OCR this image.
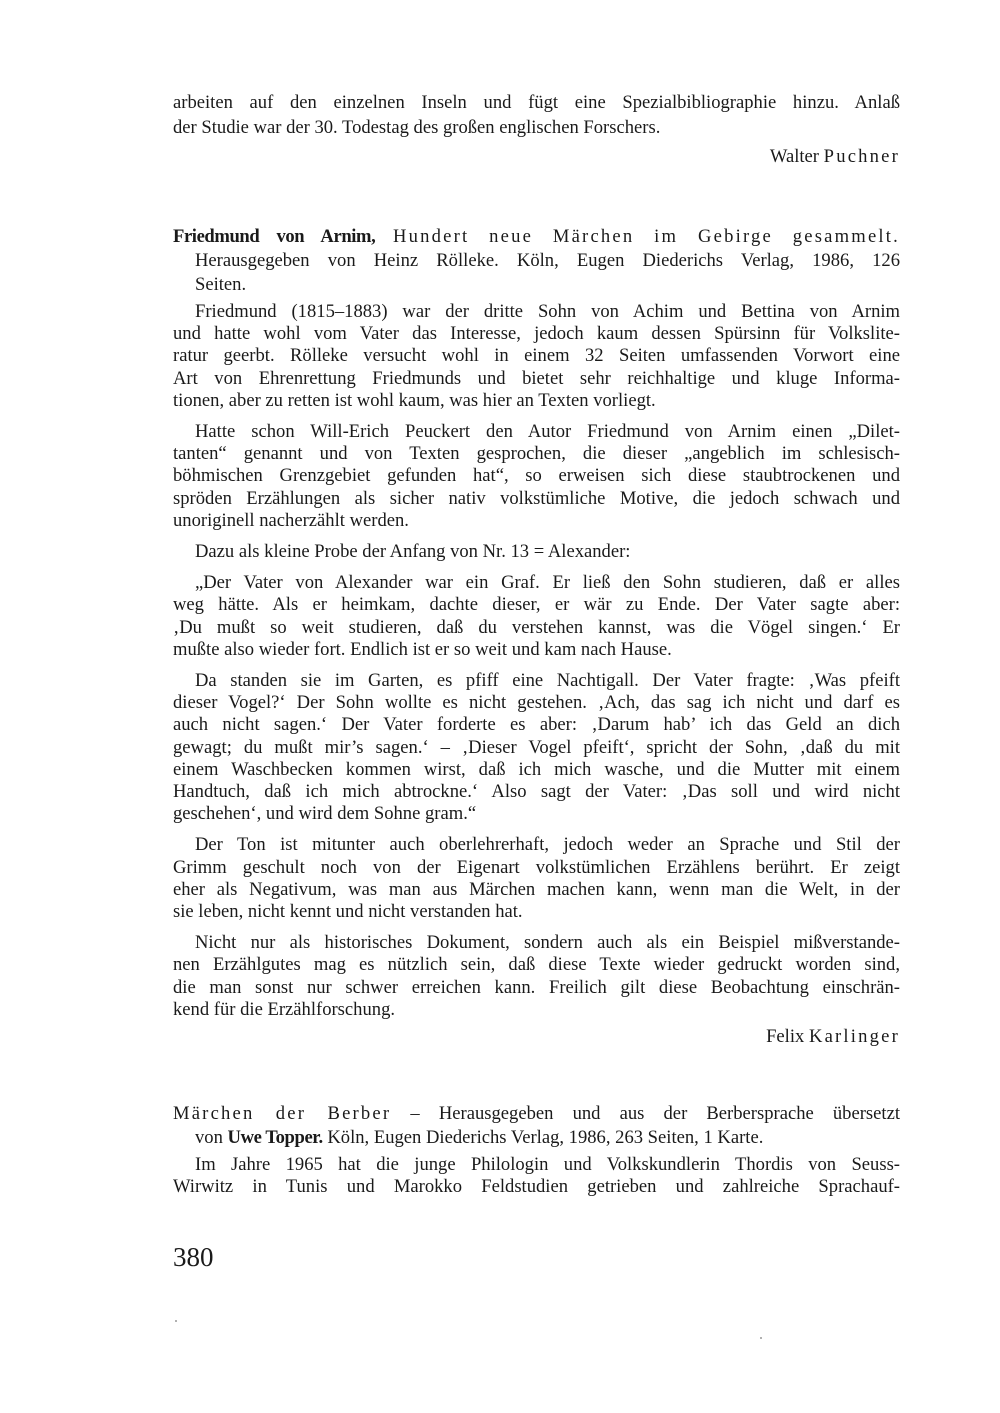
arbeiten auf den einzelnen Inseln und fügt eine Spezialbibliographie hinzu. Anlaß
der Studie war der 30. Todestag des großen englischen Forschers.
Walter Puchner
Friedmund von Arnim, Hundert neue Märchen im Gebirge gesammelt.
Herausgegeben von Heinz Rölleke. Köln, Eugen Diederichs Verlag, 1986, 126
Seiten.
Friedmund (1815–1883) war der dritte Sohn von Achim und Bettina von Arnim
und hatte wohl vom Vater das Interesse, jedoch kaum dessen Spürsinn für Volkslite-
ratur geerbt. Rölleke versucht wohl in einem 32 Seiten umfassenden Vorwort eine
Art von Ehrenrettung Friedmunds und bietet sehr reichhaltige und kluge Informa-
tionen, aber zu retten ist wohl kaum, was hier an Texten vorliegt.
Hatte schon Will-Erich Peuckert den Autor Friedmund von Arnim einen „Dilet-
tanten“ genannt und von Texten gesprochen, die dieser „angeblich im schlesisch-
böhmischen Grenzgebiet gefunden hat“, so erweisen sich diese staubtrockenen und
spröden Erzählungen als sicher nativ volkstümliche Motive, die jedoch schwach und
unoriginell nacherzählt werden.
Dazu als kleine Probe der Anfang von Nr. 13 = Alexander:
„Der Vater von Alexander war ein Graf. Er ließ den Sohn studieren, daß er alles
weg hätte. Als er heimkam, dachte dieser, er wär zu Ende. Der Vater sagte aber:
‚Du mußt so weit studieren, daß du verstehen kannst, was die Vögel singen.‘ Er
mußte also wieder fort. Endlich ist er so weit und kam nach Hause.
Da standen sie im Garten, es pfiff eine Nachtigall. Der Vater fragte: ‚Was pfeift
dieser Vogel?‘ Der Sohn wollte es nicht gestehen. ‚Ach, das sag ich nicht und darf es
auch nicht sagen.‘ Der Vater forderte es aber: ‚Darum hab’ ich das Geld an dich
gewagt; du mußt mir’s sagen.‘ – ‚Dieser Vogel pfeift‘, spricht der Sohn, ‚daß du mit
einem Waschbecken kommen wirst, daß ich mich wasche, und die Mutter mit einem
Handtuch, daß ich mich abtrockne.‘ Also sagt der Vater: ‚Das soll und wird nicht
geschehen‘, und wird dem Sohne gram.“
Der Ton ist mitunter auch oberlehrerhaft, jedoch weder an Sprache und Stil der
Grimm geschult noch von der Eigenart volkstümlichen Erzählens berührt. Er zeigt
eher als Negativum, was man aus Märchen machen kann, wenn man die Welt, in der
sie leben, nicht kennt und nicht verstanden hat.
Nicht nur als historisches Dokument, sondern auch als ein Beispiel mißverstande-
nen Erzählgutes mag es nützlich sein, daß diese Texte wieder gedruckt worden sind,
die man sonst nur schwer erreichen kann. Freilich gilt diese Beobachtung einschrän-
kend für die Erzählforschung.
Felix Karlinger
Märchen der Berber – Herausgegeben und aus der Berbersprache übersetzt
von Uwe Topper. Köln, Eugen Diederichs Verlag, 1986, 263 Seiten, 1 Karte.
Im Jahre 1965 hat die junge Philologin und Volkskundlerin Thordis von Seuss-
Wirwitz in Tunis und Marokko Feldstudien getrieben und zahlreiche Sprachauf-
380
